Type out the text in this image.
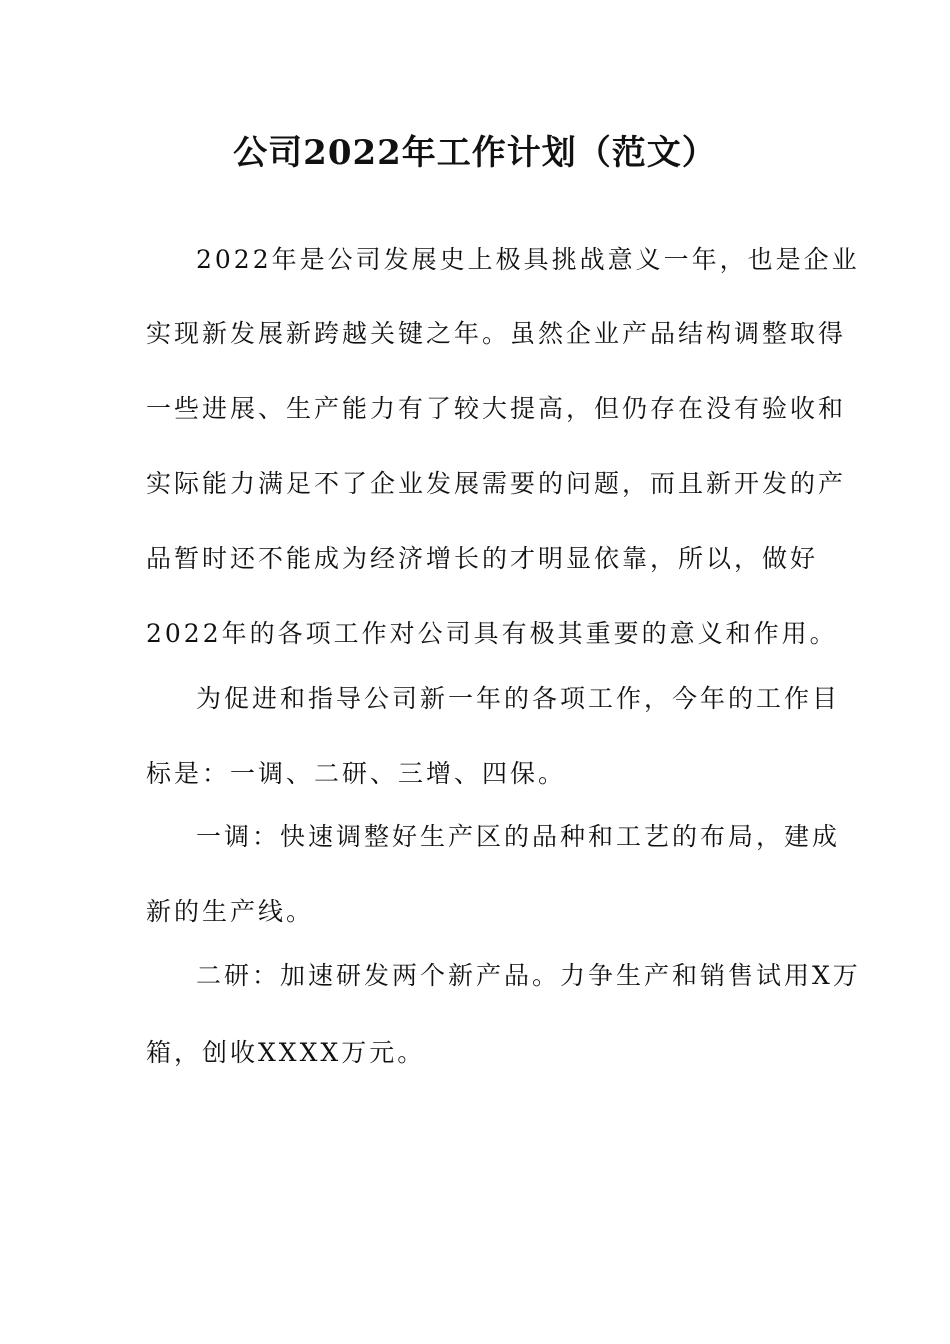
公司2022年工作计划（范文）

2022年是公司发展史上极具挑战意义一年，也是企业

实现新发展新跨越关键之年。虽然企业产品结构调整取得

一些进展、生产能力有了较大提高，但仍存在没有验收和

实际能力满足不了企业发展需要的问题，而且新开发的产

品暂时还不能成为经济增长的才明显依靠，所以，做好

2022年的各项工作对公司具有极其重要的意义和作用。

为促进和指导公司新一年的各项工作，今年的工作目

标是：一调、二研、三增、四保。

一调：快速调整好生产区的品种和工艺的布局，建成

新的生产线。

二研：加速研发两个新产品。力争生产和销售试用X万

箱，创收XXXX万元。
